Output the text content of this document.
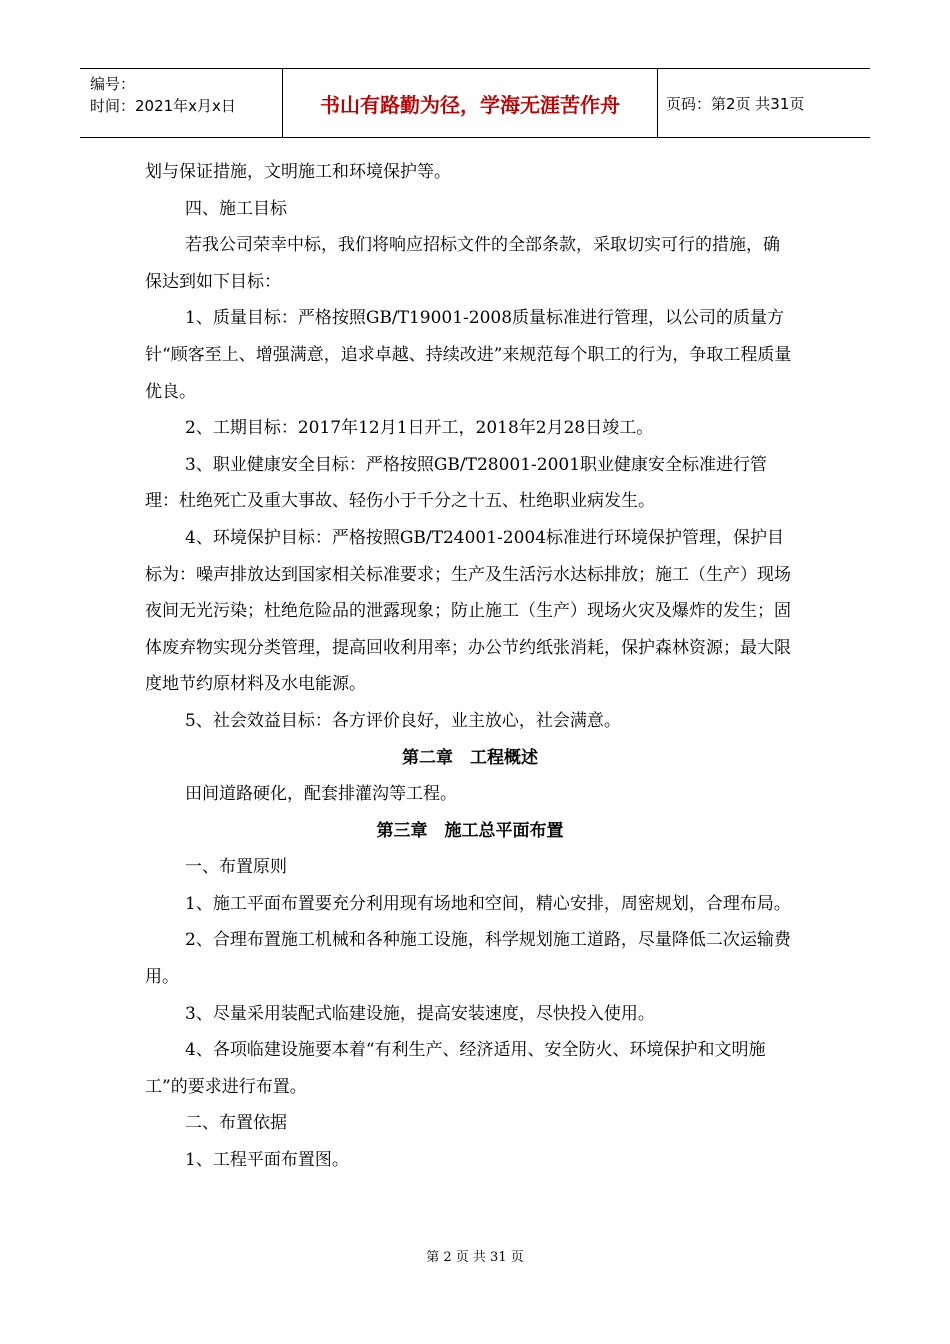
编号：
时间：2021年x月x日	书山有路勤为径，学海无涯苦作舟	页码：第2页 共31页

划与保证措施，文明施工和环境保护等。

四、施工目标

若我公司荣幸中标，我们将响应招标文件的全部条款，采取切实可行的措施，确保达到如下目标：

1、质量目标：严格按照GB/T19001-2008质量标准进行管理，以公司的质量方针“顾客至上、增强满意，追求卓越、持续改进”来规范每个职工的行为，争取工程质量优良。

2、工期目标：2017年12月1日开工，2018年2月28日竣工。

3、职业健康安全目标：严格按照GB/T28001-2001职业健康安全标准进行管理：杜绝死亡及重大事故、轻伤小于千分之十五、杜绝职业病发生。

4、环境保护目标：严格按照GB/T24001-2004标准进行环境保护管理，保护目标为：噪声排放达到国家相关标准要求；生产及生活污水达标排放；施工（生产）现场夜间无光污染；杜绝危险品的泄露现象；防止施工（生产）现场火灾及爆炸的发生；固体废弃物实现分类管理，提高回收利用率；办公节约纸张消耗，保护森林资源；最大限度地节约原材料及水电能源。

5、社会效益目标：各方评价良好，业主放心，社会满意。

第二章　工程概述

田间道路硬化，配套排灌沟等工程。

第三章　施工总平面布置

一、布置原则

1、施工平面布置要充分利用现有场地和空间，精心安排，周密规划，合理布局。

2、合理布置施工机械和各种施工设施，科学规划施工道路，尽量降低二次运输费用。

3、尽量采用装配式临建设施，提高安装速度，尽快投入使用。

4、各项临建设施要本着“有利生产、经济适用、安全防火、环境保护和文明施工”的要求进行布置。

二、布置依据

1、工程平面布置图。

第 2 页 共 31 页
